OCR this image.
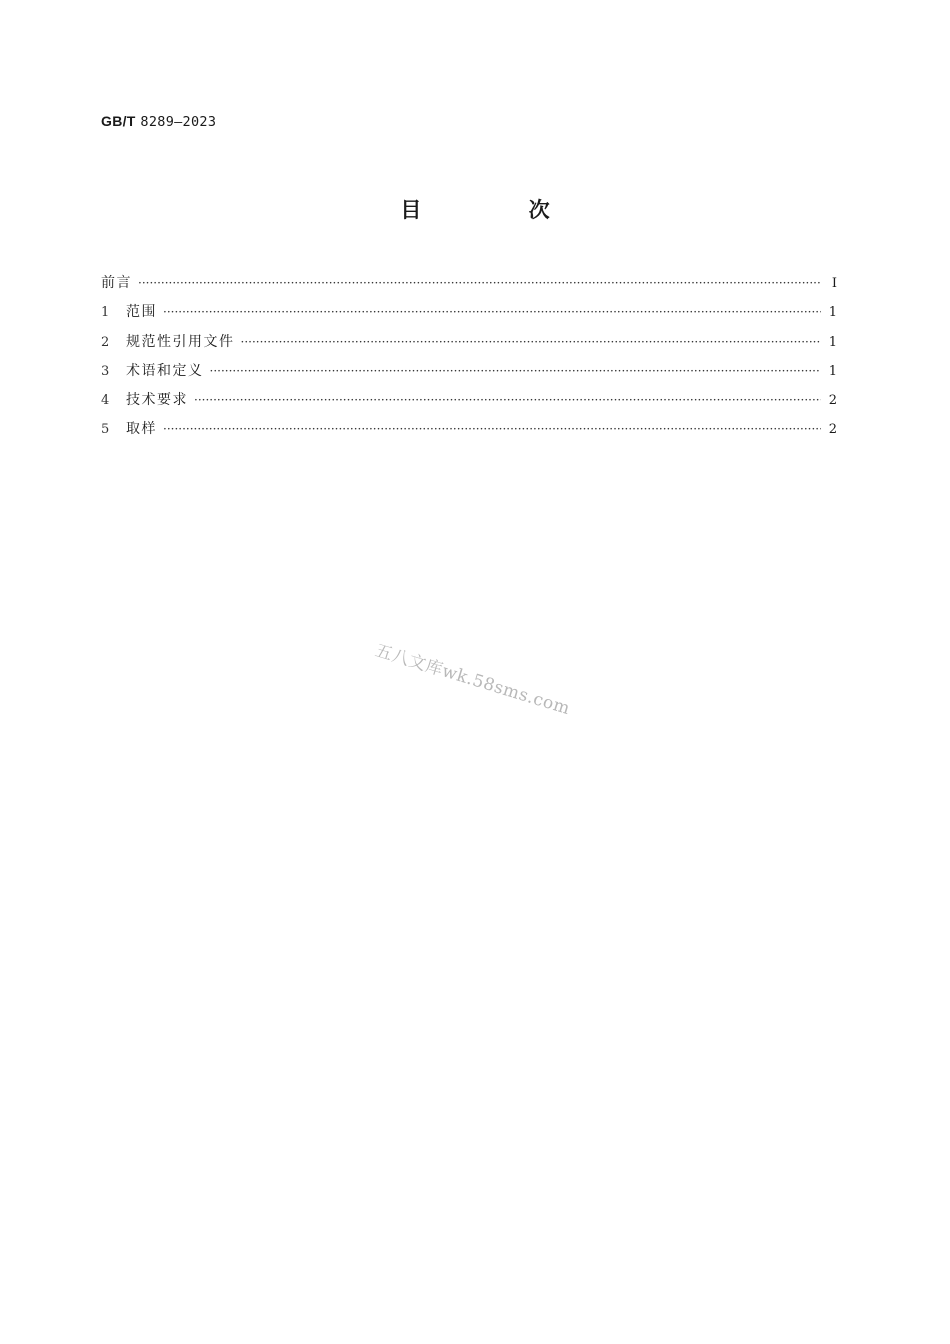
GB/T 8289—2023
目 次
前言 ·····	I
1	范围 ·····	1
2	规范性引用文件 ·····	1
3	术语和定义 ·····	1
4	技术要求 ·····	2
5	取样 ·····	2
五八文库wk.58sms.com
